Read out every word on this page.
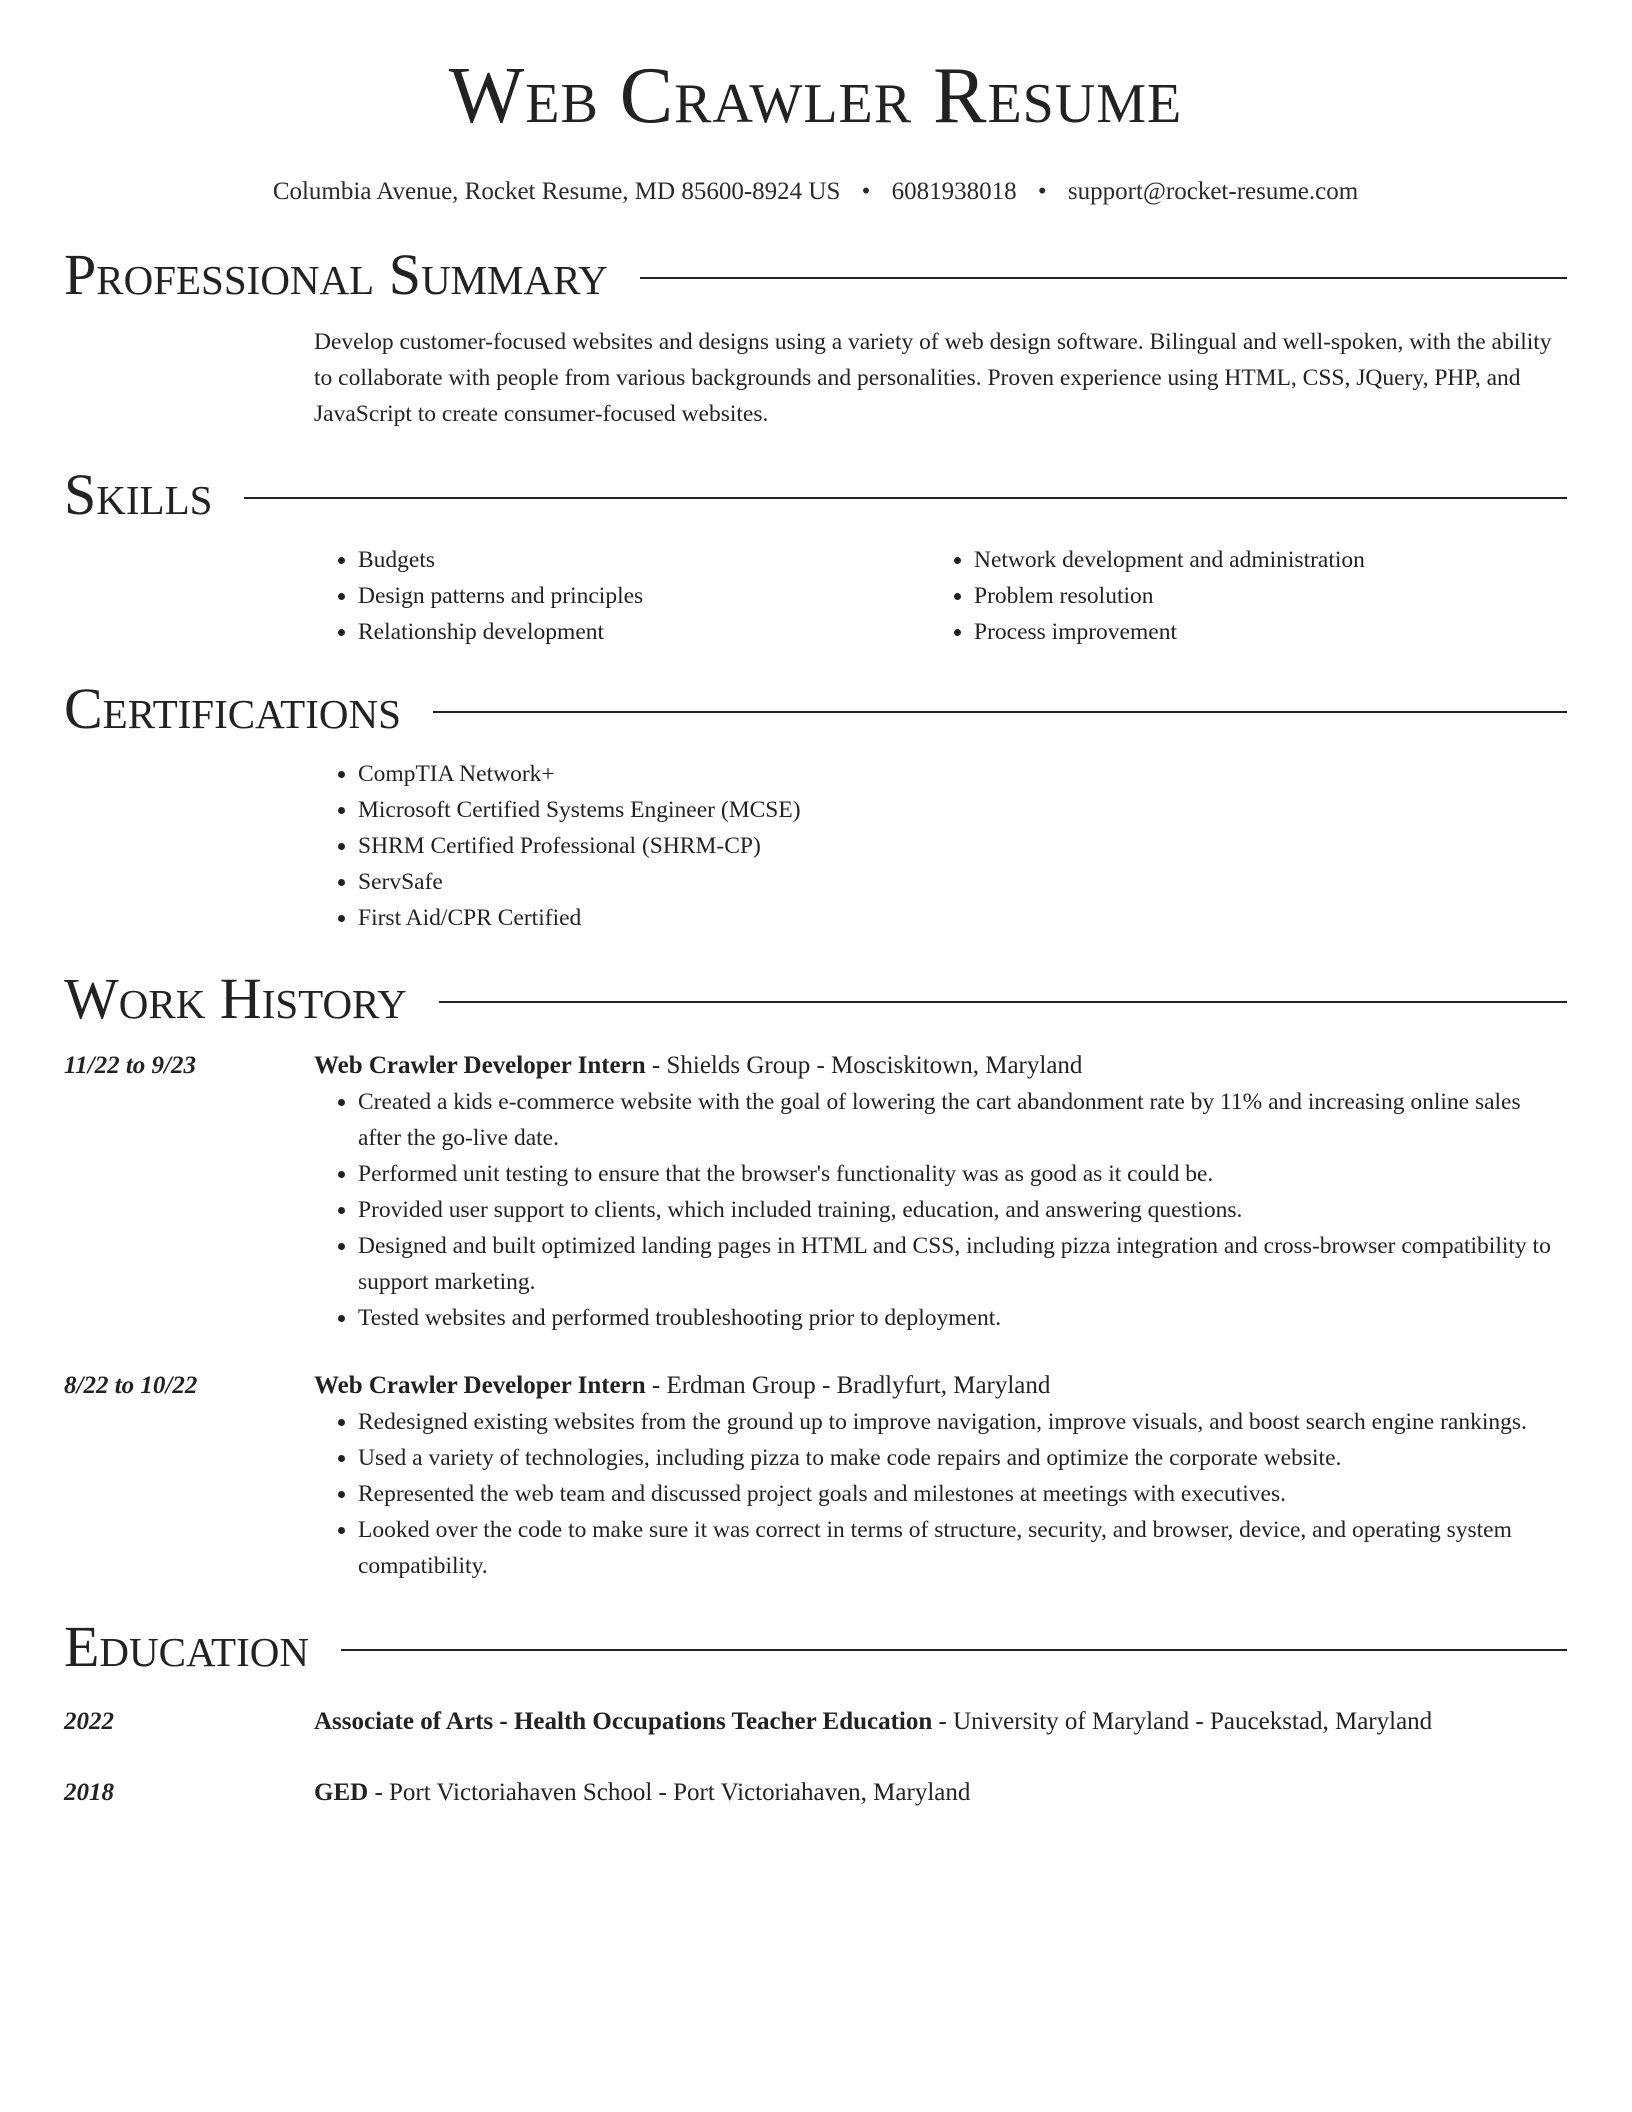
Web Crawler Resume
Columbia Avenue, Rocket Resume, MD 85600-8924 US • 6081938018 • support@rocket-resume.com
Professional Summary
Develop customer-focused websites and designs using a variety of web design software. Bilingual and well-spoken, with the ability to collaborate with people from various backgrounds and personalities. Proven experience using HTML, CSS, JQuery, PHP, and JavaScript to create consumer-focused websites.
Skills
• Budgets
• Design patterns and principles
• Relationship development
• Network development and administration
• Problem resolution
• Process improvement
Certifications
• CompTIA Network+
• Microsoft Certified Systems Engineer (MCSE)
• SHRM Certified Professional (SHRM-CP)
• ServSafe
• First Aid/CPR Certified
Work History
11/22 to 9/23	Web Crawler Developer Intern - Shields Group - Mosciskitown, Maryland
• Created a kids e-commerce website with the goal of lowering the cart abandonment rate by 11% and increasing online sales after the go-live date.
• Performed unit testing to ensure that the browser's functionality was as good as it could be.
• Provided user support to clients, which included training, education, and answering questions.
• Designed and built optimized landing pages in HTML and CSS, including pizza integration and cross-browser compatibility to support marketing.
• Tested websites and performed troubleshooting prior to deployment.
8/22 to 10/22	Web Crawler Developer Intern - Erdman Group - Bradlyfurt, Maryland
• Redesigned existing websites from the ground up to improve navigation, improve visuals, and boost search engine rankings.
• Used a variety of technologies, including pizza to make code repairs and optimize the corporate website.
• Represented the web team and discussed project goals and milestones at meetings with executives.
• Looked over the code to make sure it was correct in terms of structure, security, and browser, device, and operating system compatibility.
Education
2022	Associate of Arts - Health Occupations Teacher Education - University of Maryland - Paucekstad, Maryland
2018	GED - Port Victoriahaven School - Port Victoriahaven, Maryland
